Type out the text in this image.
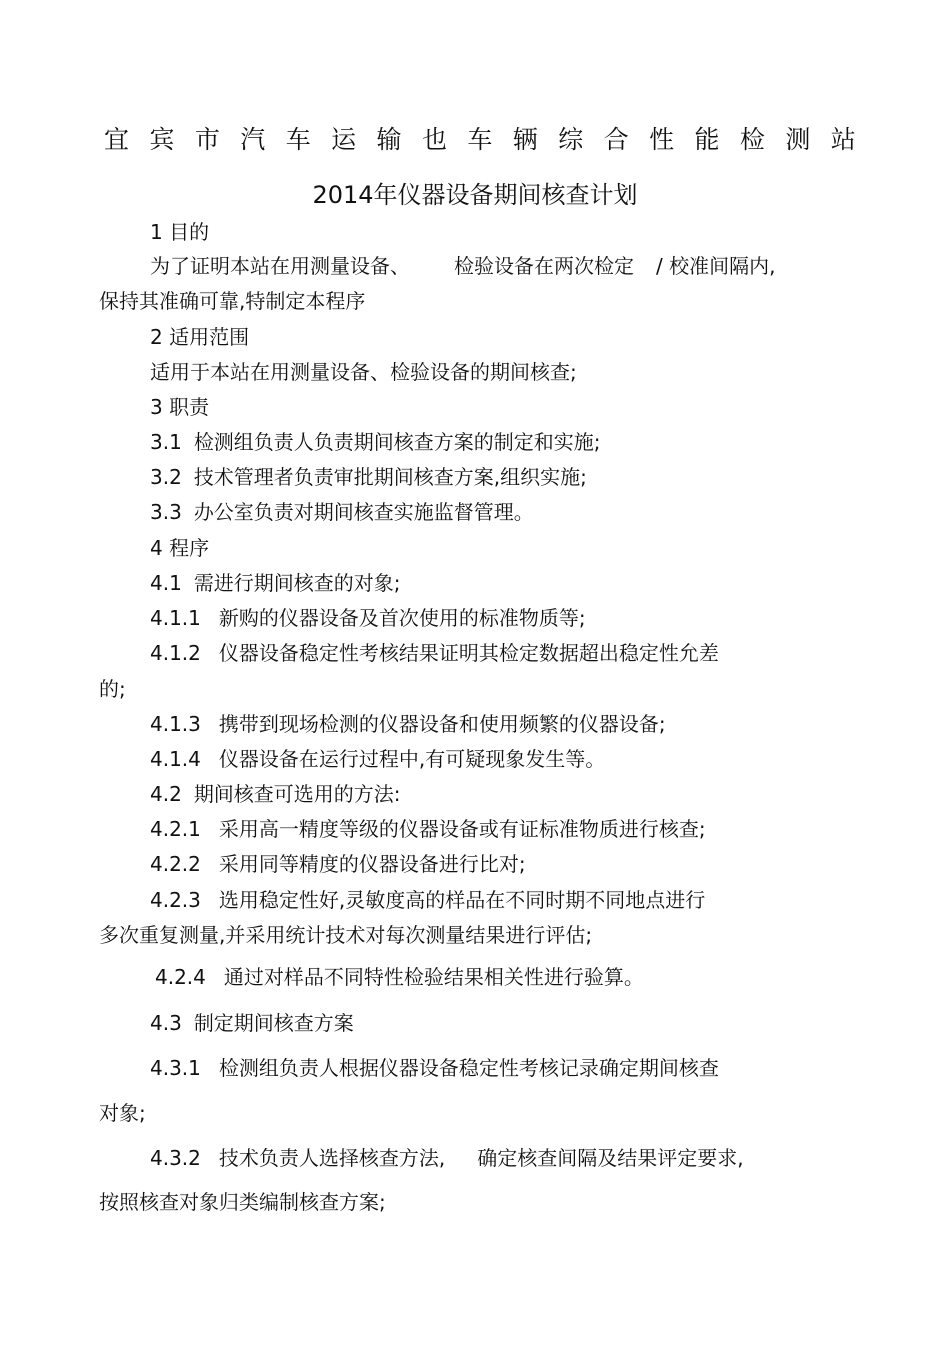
宜 宾 市 汽 车 运 输 也 车 辆 综 合 性 能 检 测 站
2014年仪器设备期间核查计划
1 目的
为了证明本站在用测量设备、 检验设备在两次检定 / 校准间隔内,
保持其准确可靠,特制定本程序
2 适用范围
适用于本站在用测量设备、检验设备的期间核查;
3 职责
3.1 检测组负责人负责期间核查方案的制定和实施;
3.2 技术管理者负责审批期间核查方案,组织实施;
3.3 办公室负责对期间核查实施监督管理。
4 程序
4.1 需进行期间核查的对象;
4.1.1 新购的仪器设备及首次使用的标准物质等;
4.1.2 仪器设备稳定性考核结果证明其检定数据超出稳定性允差
的;
4.1.3 携带到现场检测的仪器设备和使用频繁的仪器设备;
4.1.4 仪器设备在运行过程中,有可疑现象发生等。
4.2 期间核查可选用的方法:
4.2.1 采用高一精度等级的仪器设备或有证标准物质进行核查;
4.2.2 采用同等精度的仪器设备进行比对;
4.2.3 选用稳定性好,灵敏度高的样品在不同时期不同地点进行
多次重复测量,并采用统计技术对每次测量结果进行评估;
4.2.4 通过对样品不同特性检验结果相关性进行验算。
4.3 制定期间核查方案
4.3.1 检测组负责人根据仪器设备稳定性考核记录确定期间核查
对象;
4.3.2 技术负责人选择核查方法, 确定核查间隔及结果评定要求,
按照核查对象归类编制核查方案;
